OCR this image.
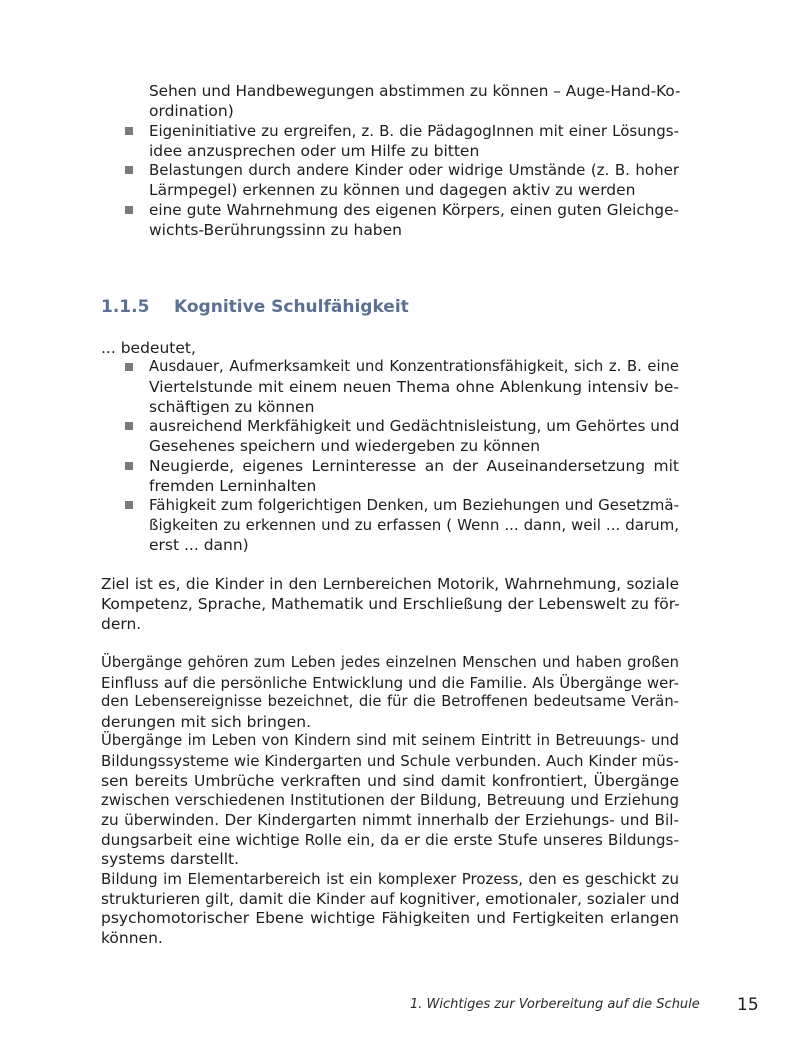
Sehen und Handbewegungen abstimmen zu können – Auge-Hand-Ko-
ordination)
Eigeninitiative zu ergreifen, z. B. die PädagogInnen mit einer Lösungs-
idee anzusprechen oder um Hilfe zu bitten
Belastungen durch andere Kinder oder widrige Umstände (z. B. hoher
Lärmpegel) erkennen zu können und dagegen aktiv zu werden
eine gute Wahrnehmung des eigenen Körpers, einen guten Gleichge-
wichts-Berührungssinn zu haben
1.1.5 Kognitive Schulfähigkeit
... bedeutet,
Ausdauer, Aufmerksamkeit und Konzentrationsfähigkeit, sich z. B. eine
Viertelstunde mit einem neuen Thema ohne Ablenkung intensiv be-
schäftigen zu können
ausreichend Merkfähigkeit und Gedächtnisleistung, um Gehörtes und
Gesehenes speichern und wiedergeben zu können
Neugierde, eigenes Lerninteresse an der Auseinandersetzung mit
fremden Lerninhalten
Fähigkeit zum folgerichtigen Denken, um Beziehungen und Gesetzmä-
ßigkeiten zu erkennen und zu erfassen ( Wenn ... dann, weil ... darum,
erst ... dann)
Ziel ist es, die Kinder in den Lernbereichen Motorik, Wahrnehmung, soziale
Kompetenz, Sprache, Mathematik und Erschließung der Lebenswelt zu för-
dern.
Übergänge gehören zum Leben jedes einzelnen Menschen und haben großen
Einfluss auf die persönliche Entwicklung und die Familie. Als Übergänge wer-
den Lebensereignisse bezeichnet, die für die Betroffenen bedeutsame Verän-
derungen mit sich bringen.
Übergänge im Leben von Kindern sind mit seinem Eintritt in Betreuungs- und
Bildungssysteme wie Kindergarten und Schule verbunden. Auch Kinder müs-
sen bereits Umbrüche verkraften und sind damit konfrontiert, Übergänge
zwischen verschiedenen Institutionen der Bildung, Betreuung und Erziehung
zu überwinden. Der Kindergarten nimmt innerhalb der Erziehungs- und Bil-
dungsarbeit eine wichtige Rolle ein, da er die erste Stufe unseres Bildungs-
systems darstellt.
Bildung im Elementarbereich ist ein komplexer Prozess, den es geschickt zu
strukturieren gilt, damit die Kinder auf kognitiver, emotionaler, sozialer und
psychomotorischer Ebene wichtige Fähigkeiten und Fertigkeiten erlangen
können.
1. Wichtiges zur Vorbereitung auf die Schule 15
